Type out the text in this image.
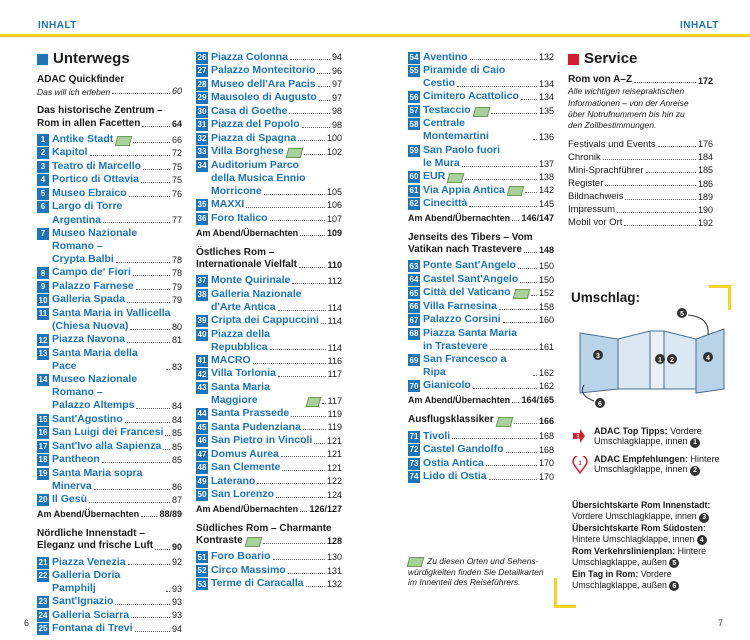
INHALT	INHALT
Unterwegs
ADAC Quickfinder
Das will ich erleben	60
Das historische Zentrum –
Rom in allen Facetten	64
1 Antike Stadt	66
2 Kapitol	72
3 Teatro di Marcello	75
4 Portico di Ottavia	75
5 Museo Ebraico	76
6 Largo di Torre
Argentina	77
7 Museo Nazionale Romano –
Crypta Balbi	78
8 Campo de' Fiori	78
9 Palazzo Farnese	79
10 Galleria Spada	79
11 Santa Maria in Vallicella
(Chiesa Nuova)	80
12 Piazza Navona	81
13 Santa Maria della Pace	83
14 Museo Nazionale Romano –
Palazzo Altemps	84
15 Sant'Agostino	84
16 San Luigi dei Francesi 85
17 Sant'Ivo alla Sapienza 85
18 Pantheon	85
19 Santa Maria sopra
Minerva	86
20 Il Gesù	87
Am Abend/Übernachten 88/89
Nördliche Innenstadt –
Eleganz und frische Luft 90
21 Piazza Venezia	92
22 Galleria Doria Pamphilj	93
23 Sant'Ignazio	93
24 Galleria Sciarra	93
25 Fontana di Trevi	94
26 Piazza Colonna	94
27 Palazzo Montecitorio 96
28 Museo dell'Ara Pacis 97
29 Mausoleo di Augusto 97
30 Casa di Goethe	98
31 Piazza del Popolo	98
32 Piazza di Spagna	100
33 Villa Borghese	102
34 Auditorium Parco
della Musica Ennio
Morricone	105
35 MAXXI	106
36 Foro Italico	107
Am Abend/Übernachten	109
Östliches Rom –
Internationale Vielfalt	110
37 Monte Quirinale	112
38 Galleria Nazionale
d'Arte Antica	114
39 Cripta dei Cappuccini 114
40 Piazza della
Repubblica	114
41 MACRO	116
42 Villa Torlonia	117
43 Santa Maria Maggiore	117
44 Santa Prassede	119
45 Santa Pudenziana	119
46 San Pietro in Vincoli 121
47 Domus Aurea	121
48 San Clemente	121
49 Laterano	122
50 San Lorenzo	124
Am Abend/Übernachten 126/127
Südliches Rom – Charmante
Kontraste	128
51 Foro Boario	130
52 Circo Massimo	131
53 Terme di Caracalla	132
54 Aventino	132
55 Piramide di Caio
Cestio	134
56 Cimitero Acattolico 134
57 Testaccio	135
58 Centrale Montemartini	136
59 San Paolo fuori
le Mura	137
60 EUR	138
61 Via Appia Antica	142
62 Cinecittà	145
Am Abend/Übernachten 146/147
Jenseits des Tibers – Vom
Vatikan nach Trastevere 148
63 Ponte Sant'Angelo	150
64 Castel Sant'Angelo 150
65 Città del Vaticano	152
66 Villa Farnesina	158
67 Palazzo Corsini	160
68 Piazza Santa Maria
in Trastevere	161
69 San Francesco a Ripa	162
70 Gianicolo	162
Am Abend/Übernachten 164/165
Ausflugsklassiker	166
71 Tivoli	168
72 Castel Gandolfo	168
73 Ostia Antica	170
74 Lido di Ostia	170
Zu diesen Orten und Sehens-
würdigkeiten finden Sie Detailkarten
im Innenteil des Reiseführers.
Service
Rom von A–Z	172
Alle wichtigen reisepraktischen
Informationen – von der Anreise
über Notrufnummern bis hin zu
den Zollbestimmungen.
Festivals und Events	176
Chronik	184
Mini-Sprachführer	185
Register	186
Bildnachweis	189
Impressum	190
Mobil vor Ort	192
Umschlag:
3
1 2	4
5
6
1
ADAC Top Tipps: Vordere
Umschlagklappe, innen 1
1 ADAC Empfehlungen: Hintere
Umschlagklappe, innen 2
Übersichtskarte Rom Innenstadt:
Vordere Umschlagklappe, innen 3
Übersichtskarte Rom Südosten:
Hintere Umschlagklappe, innen 4
Rom Verkehrslinienplan: Hintere
Umschlagklappe, außen 5
Ein Tag in Rom: Vordere
Umschlagklappe, außen 6
6	7
